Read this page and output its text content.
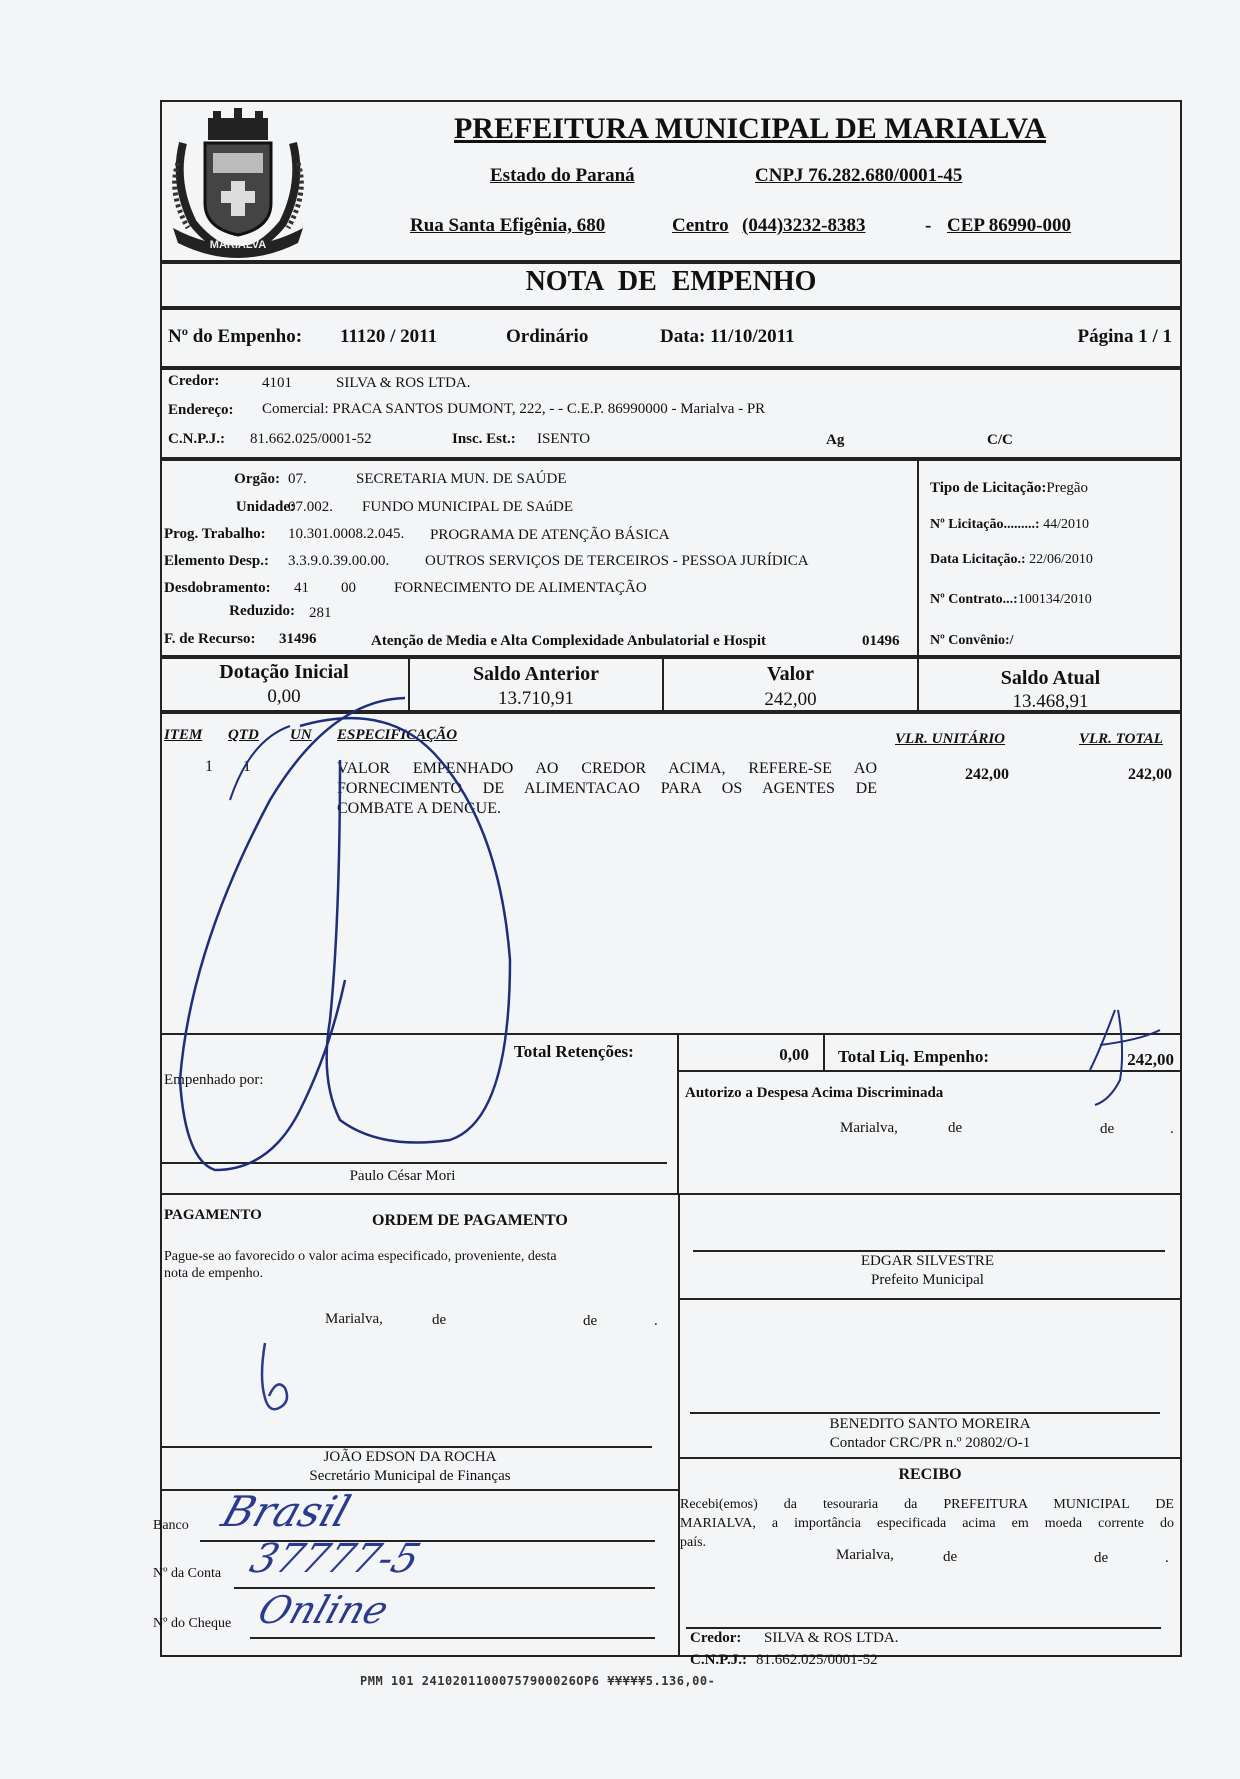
MARIALVA
PREFEITURA MUNICIPAL DE MARIALVA
Estado do Paraná	CNPJ 76.282.680/0001-45
Rua Santa Efigênia, 680	Centro (044)3232-8383	- CEP 86990-000
NOTA DE EMPENHO
Nº do Empenho: 11120 / 2011	Ordinário	Data: 11/10/2011	Página 1 / 1
Credor:	4101	SILVA & ROS LTDA.
Endereço: Comercial: PRACA SANTOS DUMONT, 222, - - C.E.P. 86990000 - Marialva - PR
C.N.P.J.: 81.662.025/0001-52	Insc. Est.: ISENTO	Ag	C/C
Orgão: 07.	SECRETARIA MUN. DE SAÚDE
Unidade:
07.002. FUNDO MUNICIPAL DE SAúDE
Prog. Trabalho: 10.301.0008.2.045. PROGRAMA DE ATENÇÃO BÁSICA
Elemento Desp.: 3.3.9.0.39.00.00. OUTROS SERVIÇOS DE TERCEIROS - PESSOA JURÍDICA
Desdobramento: 41 00	FORNECIMENTO DE ALIMENTAÇÃO
Reduzido: 281
F. de Recurso: 31496	Atenção de Media e Alta Complexidade Anbulatorial e Hospit	01496
Tipo de Licitação:Pregão
Nº Licitação.........: 44/2010
Data Licitação.: 22/06/2010
Nº Contrato...:100134/2010
Nº Convênio:/
Dotação Inicial
0,00
Saldo Anterior
13.710,91
Valor
242,00
Saldo Atual
13.468,91
ITEM QTD UN ESPECIFICAÇÃO	VLR. UNITÁRIO	VLR. TOTAL
1 1	VALOR EMPENHADO AO CREDOR ACIMA, REFERE-SE AO
FORNECIMENTO DE ALIMENTACAO PARA OS AGENTES DE
COMBATE A DENGUE.
242,00	242,00
Total Retenções:	0,00 Total Liq. Empenho:	242,00
Empenhado por:
Autorizo a Despesa Acima Discriminada
Marialva,	de	de	.
Paulo César Mori
PAGAMENTO	ORDEM DE PAGAMENTO
Pague-se ao favorecido o valor acima especificado, proveniente, desta
nota de empenho.
Marialva,	de	de	.
G
JOÃO EDSON DA ROCHA
Secretário Municipal de Finanças
Banco Brasil
Nº da Conta 37777-5
Nº do Cheque Online
EDGAR SILVESTRE
Prefeito Municipal
BENEDITO SANTO MOREIRA
Contador CRC/PR n.º 20802/O-1
RECIBO
Recebi(emos) da tesouraria da PREFEITURA MUNICIPAL DE
MARIALVA, a importância especificada acima em moeda corrente do
país.
Marialva,	de	de	.
Credor: SILVA & ROS LTDA.
C.N.P.J.: 81.662.025/0001-52
PMM 101 24102011000757900026OP6 ¥¥¥¥¥5.136,00-
